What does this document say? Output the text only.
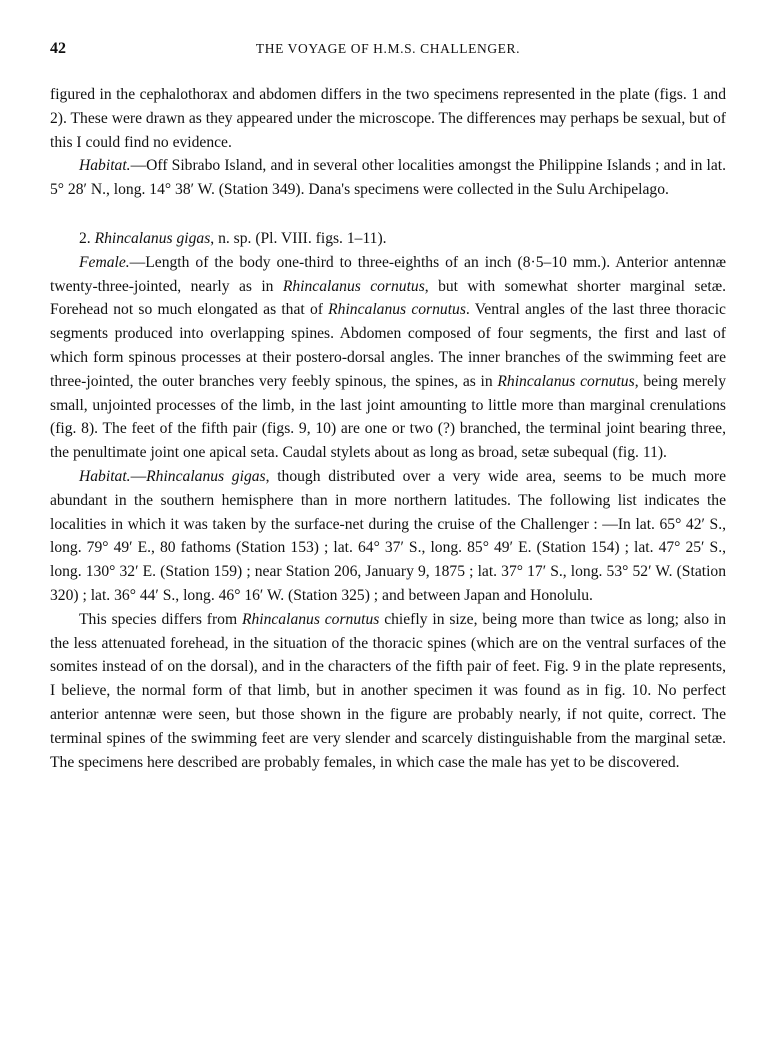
42	THE VOYAGE OF H.M.S. CHALLENGER.

figured in the cephalothorax and abdomen differs in the two specimens represented in the plate (figs. 1 and 2). These were drawn as they appeared under the microscope. The differences may perhaps be sexual, but of this I could find no evidence.

Habitat.—Off Sibrabo Island, and in several other localities amongst the Philippine Islands ; and in lat. 5° 28′ N., long. 14° 38′ W. (Station 349). Dana's specimens were collected in the Sulu Archipelago.

2. Rhincalanus gigas, n. sp. (Pl. VIII. figs. 1–11).

Female.—Length of the body one-third to three-eighths of an inch (8·5–10 mm.). Anterior antennæ twenty-three-jointed, nearly as in Rhincalanus cornutus, but with somewhat shorter marginal setæ. Forehead not so much elongated as that of Rhincalanus cornutus. Ventral angles of the last three thoracic segments produced into overlapping spines. Abdomen composed of four segments, the first and last of which form spinous processes at their postero-dorsal angles. The inner branches of the swimming feet are three-jointed, the outer branches very feebly spinous, the spines, as in Rhincalanus cornutus, being merely small, unjointed processes of the limb, in the last joint amounting to little more than marginal crenulations (fig. 8). The feet of the fifth pair (figs. 9, 10) are one or two (?) branched, the terminal joint bearing three, the penultimate joint one apical seta. Caudal stylets about as long as broad, setæ subequal (fig. 11).

Habitat.—Rhincalanus gigas, though distributed over a very wide area, seems to be much more abundant in the southern hemisphere than in more northern latitudes. The following list indicates the localities in which it was taken by the surface-net during the cruise of the Challenger : —In lat. 65° 42′ S., long. 79° 49′ E., 80 fathoms (Station 153) ; lat. 64° 37′ S., long. 85° 49′ E. (Station 154) ; lat. 47° 25′ S., long. 130° 32′ E. (Station 159) ; near Station 206, January 9, 1875 ; lat. 37° 17′ S., long. 53° 52′ W. (Station 320) ; lat. 36° 44′ S., long. 46° 16′ W. (Station 325) ; and between Japan and Honolulu.

This species differs from Rhincalanus cornutus chiefly in size, being more than twice as long; also in the less attenuated forehead, in the situation of the thoracic spines (which are on the ventral surfaces of the somites instead of on the dorsal), and in the characters of the fifth pair of feet. Fig. 9 in the plate represents, I believe, the normal form of that limb, but in another specimen it was found as in fig. 10. No perfect anterior antennæ were seen, but those shown in the figure are probably nearly, if not quite, correct. The terminal spines of the swimming feet are very slender and scarcely distinguishable from the marginal setæ. The specimens here described are probably females, in which case the male has yet to be discovered.
